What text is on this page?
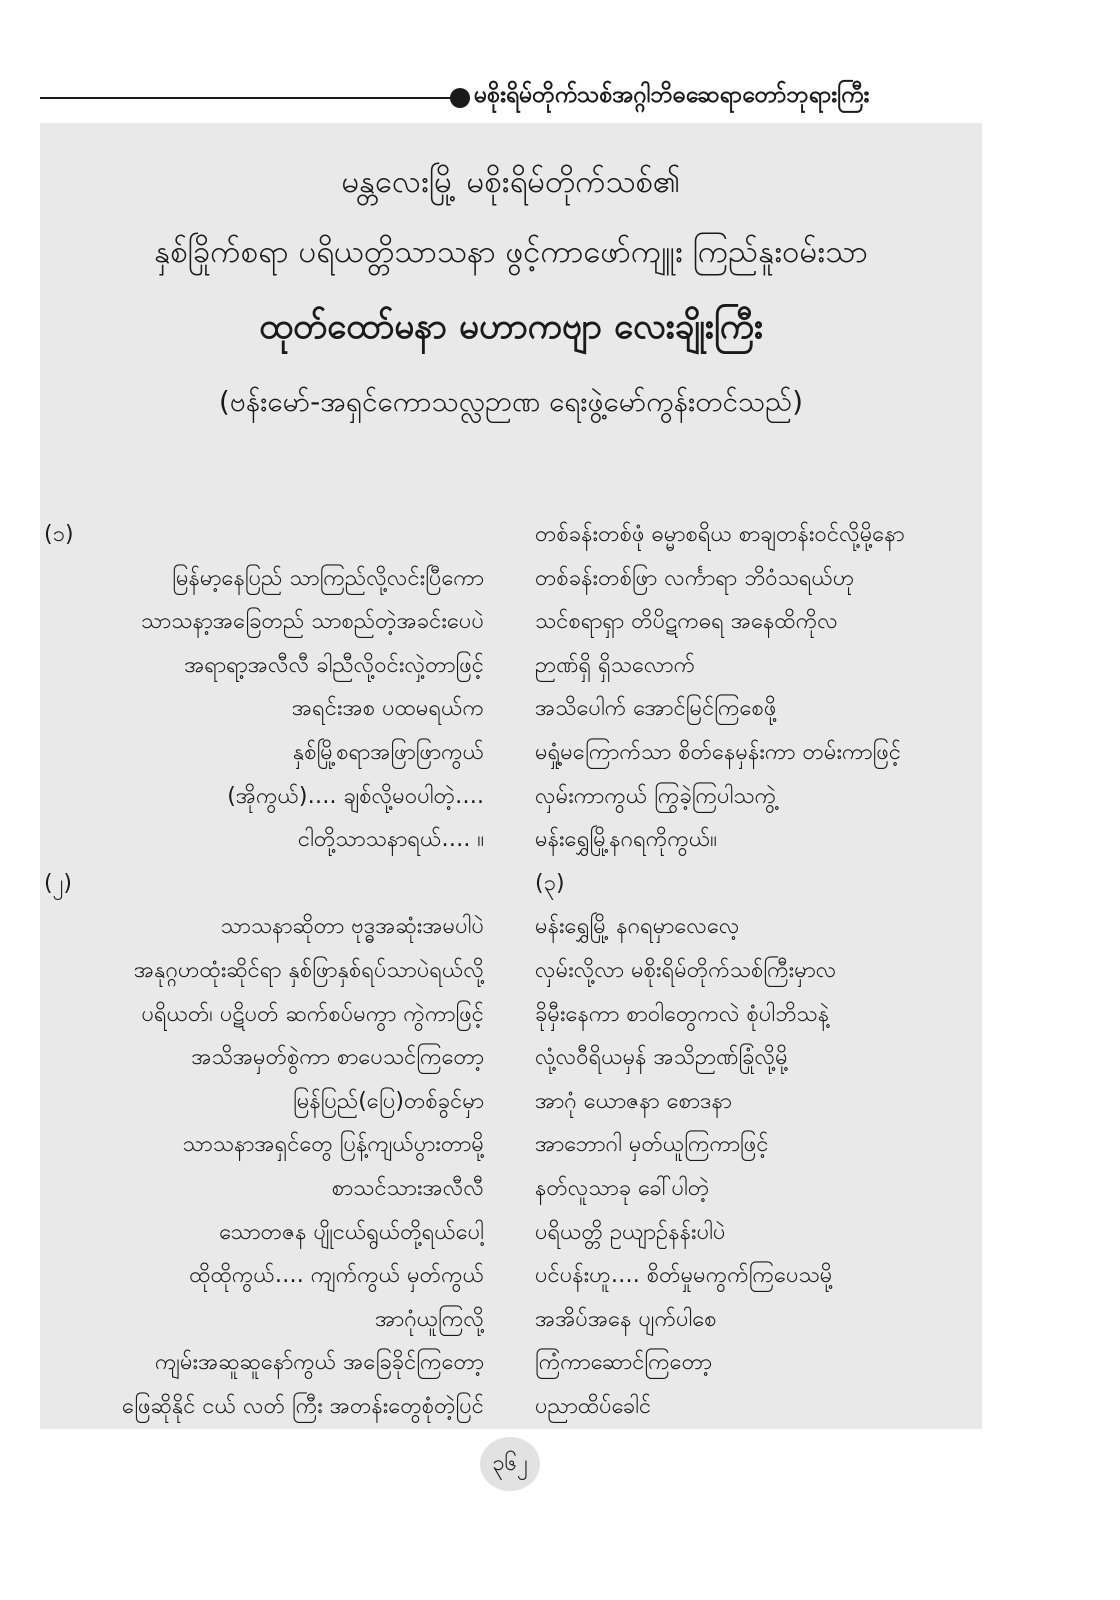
မစိုးရိမ်တိုက်သစ်အဂ္ဂါဘိဓဆေရာတော်ဘုရားကြီး
မန္တလေးမြို့ မစိုးရိမ်တိုက်သစ်၏
နှစ်ခြိုက်စရာ ပရိယတ္တိသာသနာ ဖွင့်ကာဖော်ကျူး ကြည်နူးဝမ်းသာ
ထုတ်ထော်မနာ မဟာကဗျာ လေးချိုးကြီး
(ဗန်းမော်-အရှင်ကောသလ္လဉာဏ ရေးဖွဲ့မော်ကွန်းတင်သည်)
(၁)
မြန်မာ့နေပြည် သာကြည်လို့လင်းပြီကော
သာသနာ့အခြေတည် သာစည်တဲ့အခင်းပေပဲ
အရာရာ့အလီလီ ခါညီလို့ဝင်းလှဲ့တာဖြင့်
အရင်းအစ ပထမရယ်က
နှစ်မြို့စရာအဖြာဖြာကွယ်
(အိုကွယ်)…. ချစ်လို့မဝပါတဲ့….
ငါတို့သာသနာရယ်…. ။
(၂)
သာသနာဆိုတာ ဗုဒ္ဓအဆုံးအမပါပဲ
အနုဂ္ဂဟထုံးဆိုင်ရာ နှစ်ဖြာနှစ်ရပ်သာပဲရယ်လို့
ပရိယတ်၊ ပဋိပတ် ဆက်စပ်မကွာ ကွဲကာဖြင့်
အသိအမှတ်စွဲကာ စာပေသင်ကြတော့
မြန်ပြည်(ပြေ)တစ်ခွင်မှာ
သာသနာအရှင်တွေ ပြန့်ကျယ်ပွားတာမို့
စာသင်သားအလီလီ
သောတဇန ပျိုငယ်ရွယ်တို့ရယ်ပေါ့
ထိုထိုကွယ်…. ကျက်ကွယ် မှတ်ကွယ်
အာဂုံယူကြလို့
ကျမ်းအဆူဆူနော်ကွယ် အခြေခိုင်ကြတော့
ဖြေဆိုနိုင် ငယ် လတ် ကြီး အတန်းတွေစုံတဲ့ပြင်
တစ်ခန်းတစ်ဖုံ ဓမ္မာစရိယ စာချတန်းဝင်လို့မို့နော
တစ်ခန်းတစ်ဖြာ လင်္ကာရာ ဘိဝံသရယ်ဟု
သင်စရာရှာ တိပိဋကဓရ အနေထိကိုလ
ဉာဏ်ရှိ ရှိသလောက်
အသိပေါက် အောင်မြင်ကြစေဖို့
မရှုံ့မကြောက်သာ စိတ်နေမှန်းကာ တမ်းကာဖြင့်
လှမ်းကာကွယ် ကြွခဲ့ကြပါသကွဲ့
မန်းရွှေမြို့နဂရကိုကွယ်။
(၃)
မန်းရွှေမြို့ နဂရမှာလေလေ့
လှမ်းလို့လာ မစိုးရိမ်တိုက်သစ်ကြီးမှာလ
ခိုမှီးနေကာ စာဝါတွေကလဲ စုံပါဘိသနဲ့
လုံ့လဝီရိယမှန် အသိဉာဏ်ခြုံလို့မို့
အာဂုံ ယောဇနာ စောဒနာ
အာဘောဂါ မှတ်ယူကြကာဖြင့်
နတ်လူသာခု ခေါ်ပါတဲ့
ပရိယတ္တိ ဥယျာဉ်နန်းပါပဲ
ပင်ပန်းဟူ…. စိတ်မှုမကွက်ကြပေသမို့
အအိပ်အနေ ပျက်ပါစေ
ကြံကာဆောင်ကြတော့
ပညာထိပ်ခေါင်
၃၆၂
